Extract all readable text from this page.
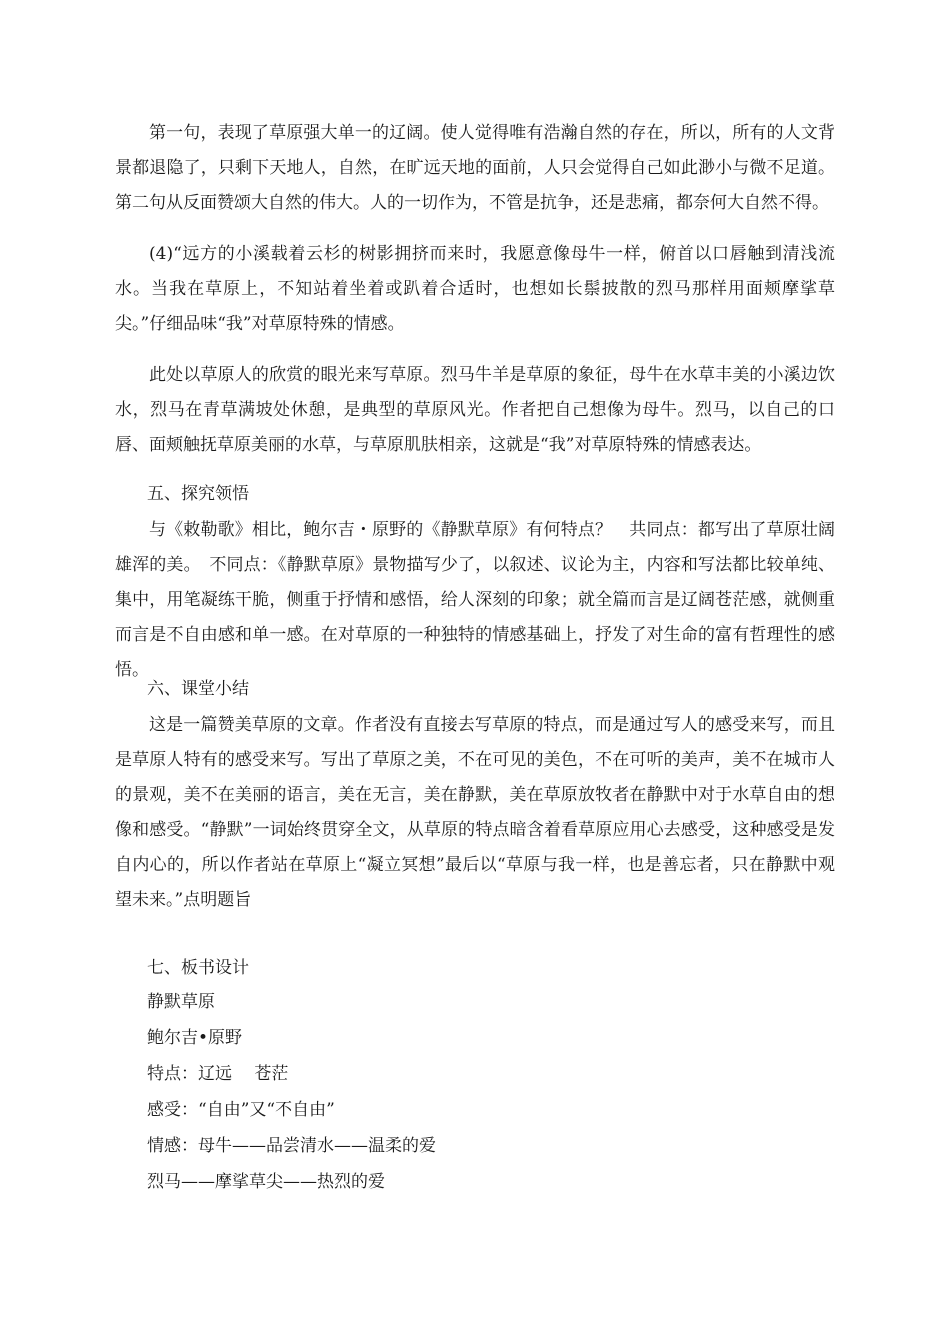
第一句，表现了草原强大单一的辽阔。使人觉得唯有浩瀚自然的存在，所以，所有的人文背景都退隐了，只剩下天地人，自然，在旷远天地的面前，人只会觉得自己如此渺小与微不足道。第二句从反面赞颂大自然的伟大。人的一切作为，不管是抗争，还是悲痛，都奈何大自然不得。

(4)“远方的小溪载着云杉的树影拥挤而来时，我愿意像母牛一样，俯首以口唇触到清浅流水。当我在草原上，不知站着坐着或趴着合适时，也想如长鬃披散的烈马那样用面颊摩挲草尖。”仔细品味“我”对草原特殊的情感。

此处以草原人的欣赏的眼光来写草原。烈马牛羊是草原的象征，母牛在水草丰美的小溪边饮水，烈马在青草满坡处休憩，是典型的草原风光。作者把自己想像为母牛。烈马，以自己的口唇、面颊触抚草原美丽的水草，与草原肌肤相亲，这就是“我”对草原特殊的情感表达。

五、探究领悟

与《敕勒歌》相比，鲍尔吉・原野的《静默草原》有何特点？　共同点：都写出了草原壮阔雄浑的美。　不同点：《静默草原》景物描写少了，以叙述、议论为主，内容和写法都比较单纯、集中，用笔凝练干脆，侧重于抒情和感悟，给人深刻的印象；就全篇而言是辽阔苍茫感，就侧重而言是不自由感和单一感。在对草原的一种独特的情感基础上，抒发了对生命的富有哲理性的感悟。

六、课堂小结

这是一篇赞美草原的文章。作者没有直接去写草原的特点，而是通过写人的感受来写，而且是草原人特有的感受来写。写出了草原之美，不在可见的美色，不在可听的美声，美不在城市人的景观，美不在美丽的语言，美在无言，美在静默，美在草原放牧者在静默中对于水草自由的想像和感受。“静默”一词始终贯穿全文，从草原的特点暗含着看草原应用心去感受，这种感受是发自内心的，所以作者站在草原上“凝立冥想”最后以“草原与我一样，也是善忘者，只在静默中观望未来。”点明题旨

七、板书设计

静默草原

鲍尔吉•原野

特点：辽远　 苍茫

感受：“自由”又“不自由”

情感：母牛——品尝清水——温柔的爱

烈马——摩挲草尖——热烈的爱
